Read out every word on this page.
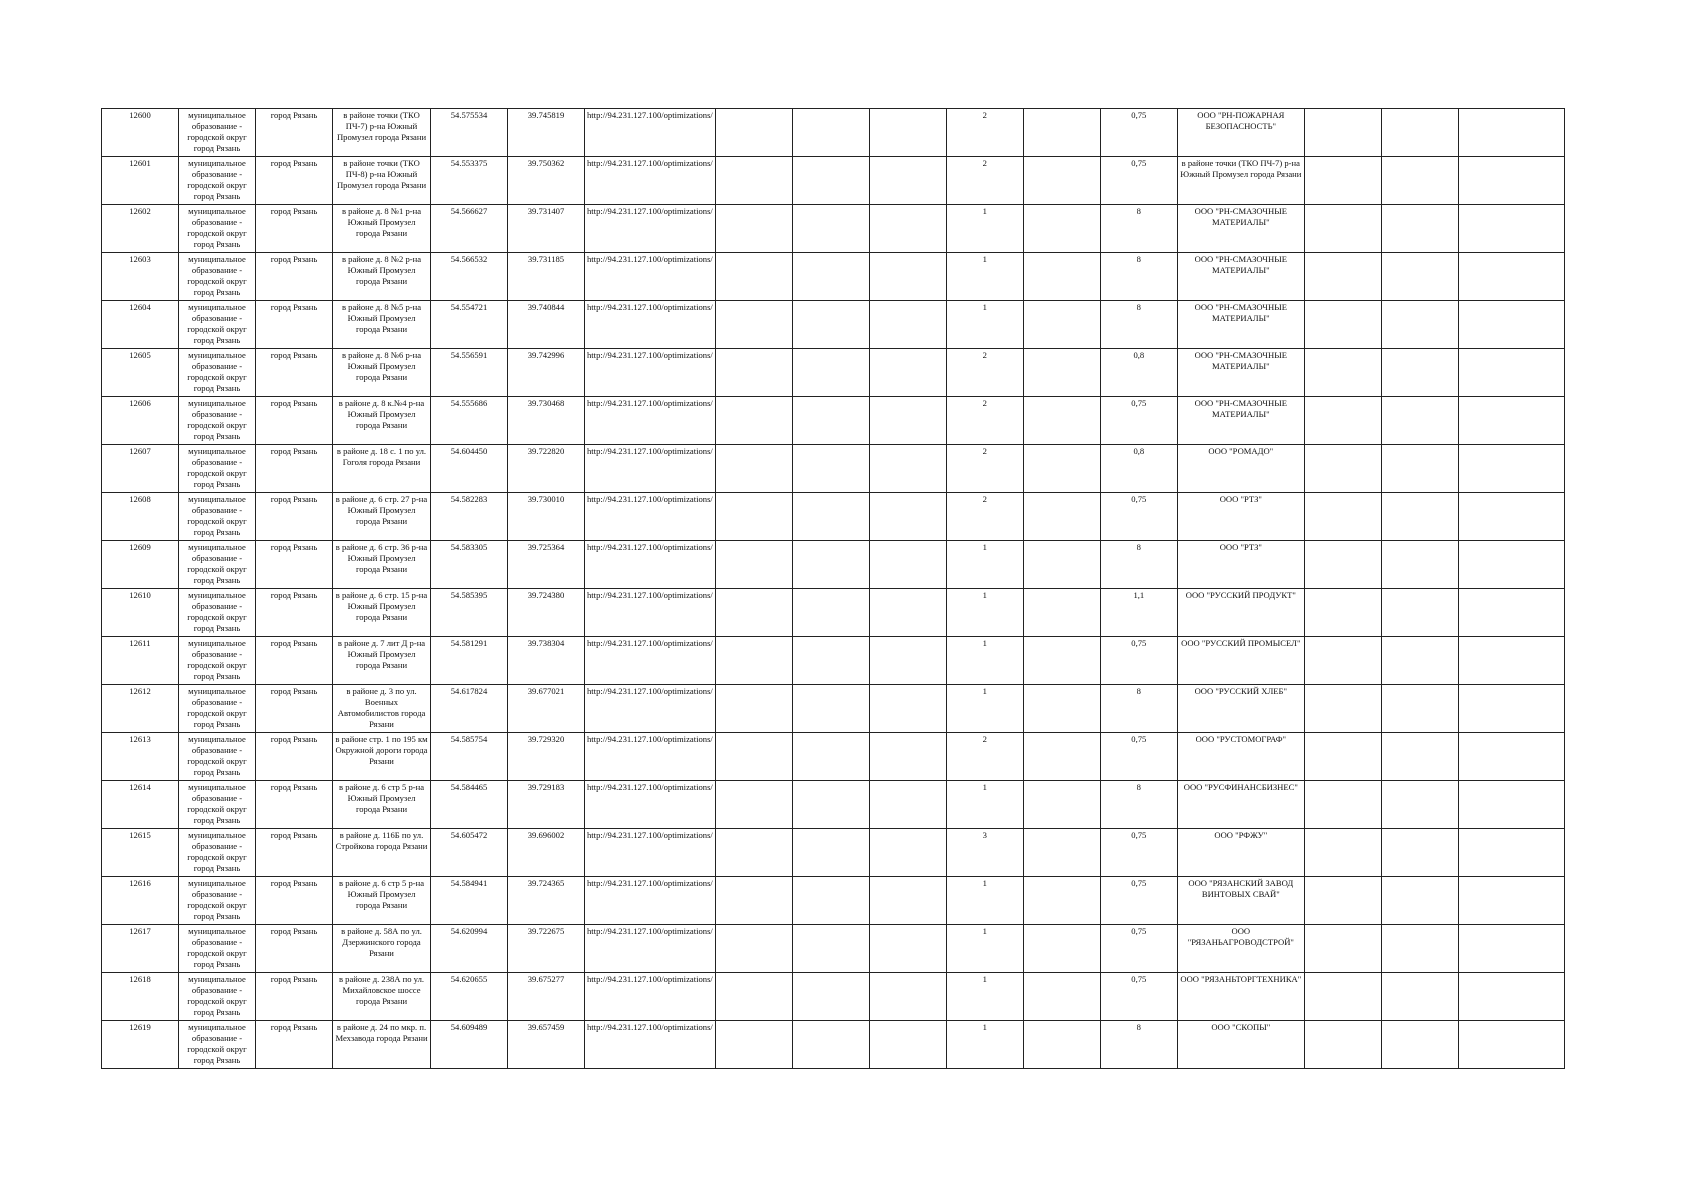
12600	муниципальное образование - городской округ город Рязань	город Рязань	в районе точки (ТКО ПЧ-7) р-на Южный Промузел города Рязани	54.575534	39.745819	http://94.231.127.100/optimizations/				2		0,75	ООО "РН-ПОЖАРНАЯ БЕЗОПАСНОСТЬ"			
12601	муниципальное образование - городской округ город Рязань	город Рязань	в районе точки (ТКО ПЧ-8) р-на Южный Промузел города Рязани	54.553375	39.750362	http://94.231.127.100/optimizations/				2		0,75	в районе точки (ТКО ПЧ-7) р-на Южный Промузел города Рязани			
12602	муниципальное образование - городской округ город Рязань	город Рязань	в районе д. 8 №1 р-на Южный Промузел города Рязани	54.566627	39.731407	http://94.231.127.100/optimizations/				1		8	ООО "РН-СМАЗОЧНЫЕ МАТЕРИАЛЫ"			
12603	муниципальное образование - городской округ город Рязань	город Рязань	в районе д. 8 №2 р-на Южный Промузел города Рязани	54.566532	39.731185	http://94.231.127.100/optimizations/				1		8	ООО "РН-СМАЗОЧНЫЕ МАТЕРИАЛЫ"			
12604	муниципальное образование - городской округ город Рязань	город Рязань	в районе д. 8 №5 р-на Южный Промузел города Рязани	54.554721	39.740844	http://94.231.127.100/optimizations/				1		8	ООО "РН-СМАЗОЧНЫЕ МАТЕРИАЛЫ"			
12605	муниципальное образование - городской округ город Рязань	город Рязань	в районе д. 8 №6 р-на Южный Промузел города Рязани	54.556591	39.742996	http://94.231.127.100/optimizations/				2		0,8	ООО "РН-СМАЗОЧНЫЕ МАТЕРИАЛЫ"			
12606	муниципальное образование - городской округ город Рязань	город Рязань	в районе д. 8 к.№4 р-на Южный Промузел города Рязани	54.555686	39.730468	http://94.231.127.100/optimizations/				2		0,75	ООО "РН-СМАЗОЧНЫЕ МАТЕРИАЛЫ"			
12607	муниципальное образование - городской округ город Рязань	город Рязань	в районе д. 18 с. 1 по ул. Гоголя города Рязани	54.604450	39.722820	http://94.231.127.100/optimizations/				2		0,8	ООО "РОМАДО"			
12608	муниципальное образование - городской округ город Рязань	город Рязань	в районе д. 6 стр. 27 р-на Южный Промузел города Рязани	54.582283	39.730010	http://94.231.127.100/optimizations/				2		0,75	ООО "РТЗ"			
12609	муниципальное образование - городской округ город Рязань	город Рязань	в районе д. 6 стр. 36 р-на Южный Промузел города Рязани	54.583305	39.725364	http://94.231.127.100/optimizations/				1		8	ООО "РТЗ"			
12610	муниципальное образование - городской округ город Рязань	город Рязань	в районе д. 6 стр. 15 р-на Южный Промузел города Рязани	54.585395	39.724380	http://94.231.127.100/optimizations/				1		1,1	ООО "РУССКИЙ ПРОДУКТ"			
12611	муниципальное образование - городской округ город Рязань	город Рязань	в районе д. 7 лит Д р-на Южный Промузел города Рязани	54.581291	39.738304	http://94.231.127.100/optimizations/				1		0,75	ООО "РУССКИЙ ПРОМЫСЕЛ"			
12612	муниципальное образование - городской округ город Рязань	город Рязань	в районе д. 3 по ул. Военных Автомобилистов города Рязани	54.617824	39.677021	http://94.231.127.100/optimizations/				1		8	ООО "РУССКИЙ ХЛЕБ"			
12613	муниципальное образование - городской округ город Рязань	город Рязань	в районе стр. 1 по 195 км Окружной дороги города Рязани	54.585754	39.729320	http://94.231.127.100/optimizations/				2		0,75	ООО "РУСТОМОГРАФ"			
12614	муниципальное образование - городской округ город Рязань	город Рязань	в районе д. 6 стр 5 р-на Южный Промузел города Рязани	54.584465	39.729183	http://94.231.127.100/optimizations/				1		8	ООО "РУСФИНАНСБИЗНЕС"			
12615	муниципальное образование - городской округ город Рязань	город Рязань	в районе д. 116Б по ул. Стройкова города Рязани	54.605472	39.696002	http://94.231.127.100/optimizations/				3		0,75	ООО "РФЖУ"			
12616	муниципальное образование - городской округ город Рязань	город Рязань	в районе д. 6 стр 5 р-на Южный Промузел города Рязани	54.584941	39.724365	http://94.231.127.100/optimizations/				1		0,75	ООО "РЯЗАНСКИЙ ЗАВОД ВИНТОВЫХ СВАЙ"			
12617	муниципальное образование - городской округ город Рязань	город Рязань	в районе д. 58А по ул. Дзержинского города Рязани	54.620994	39.722675	http://94.231.127.100/optimizations/				1		0,75	ООО "РЯЗАНЬАГРОВОДСТРОЙ"			
12618	муниципальное образование - городской округ город Рязань	город Рязань	в районе д. 238А по ул. Михайловское шоссе города Рязани	54.620655	39.675277	http://94.231.127.100/optimizations/				1		0,75	ООО "РЯЗАНЬТОРГТЕХНИКА"			
12619	муниципальное образование - городской округ город Рязань	город Рязань	в районе д. 24 по мкр. п. Мехзавода города Рязани	54.609489	39.657459	http://94.231.127.100/optimizations/				1		8	ООО "СКОПЫ"			
